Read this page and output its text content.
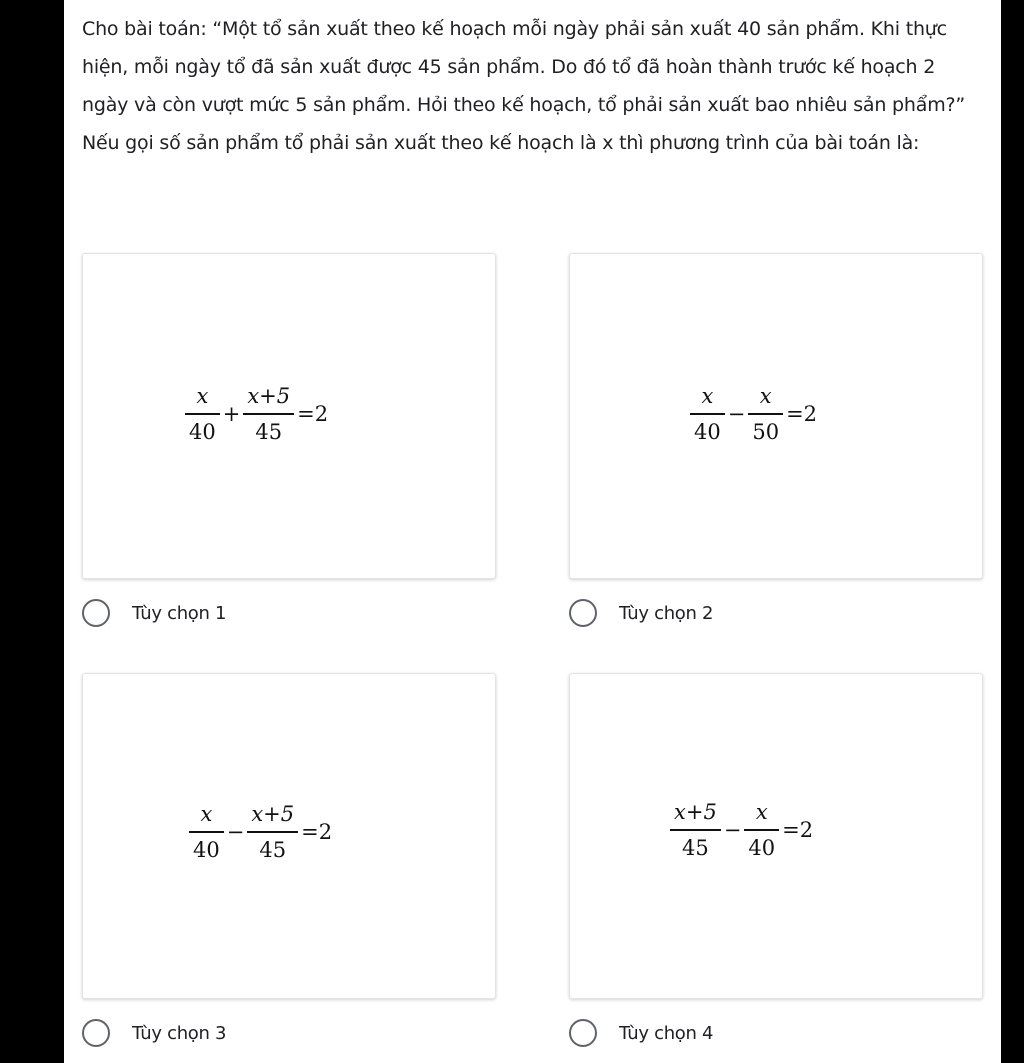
Cho bài toán: “Một tổ sản xuất theo kế hoạch mỗi ngày phải sản xuất 40 sản phẩm. Khi thực hiện, mỗi ngày tổ đã sản xuất được 45 sản phẩm. Do đó tổ đã hoàn thành trước kế hoạch 2 ngày và còn vượt mức 5 sản phẩm. Hỏi theo kế hoạch, tổ phải sản xuất bao nhiêu sản phẩm?” Nếu gọi số sản phẩm tổ phải sản xuất theo kế hoạch là x thì phương trình của bài toán là:

$\frac{x}{40} + \frac{x+5}{45} =2$
Tùy chọn 1
$\frac{x}{40} - \frac{x}{50} =2$
Tùy chọn 2
$\frac{x}{40} - \frac{x+5}{45} =2$
Tùy chọn 3
$\frac{x+5}{45} - \frac{x}{40} =2$
Tùy chọn 4
